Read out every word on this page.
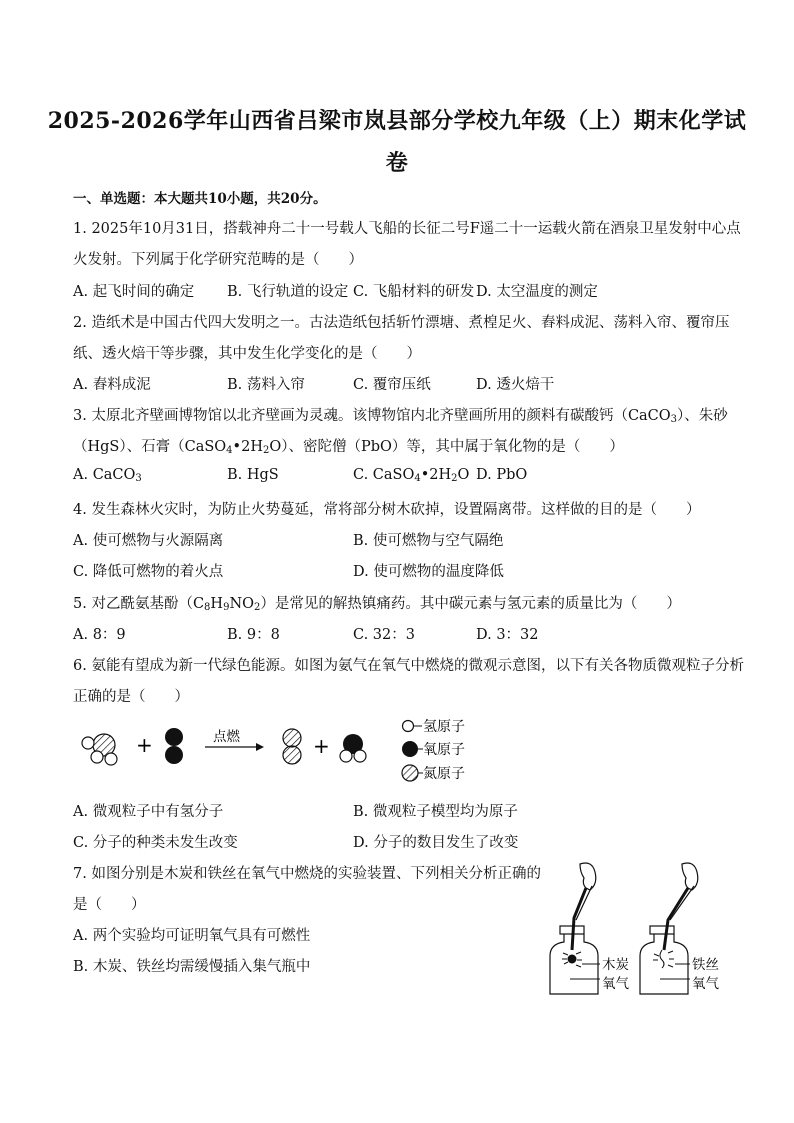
2025-2026学年山西省吕梁市岚县部分学校九年级（上）期末化学试
卷
一、单选题：本大题共10小题，共20分。
1. 2025年10月31日，搭载神舟二十一号载人飞船的长征二号F遥二十一运载火箭在酒泉卫星发射中心点
火发射。下列属于化学研究范畴的是（　　）
A. 起飞时间的确定 B. 飞行轨道的设定 C. 飞船材料的研发 D. 太空温度的测定
2. 造纸术是中国古代四大发明之一。古法造纸包括斩竹漂塘、煮楻足火、舂料成泥、荡料入帘、覆帘压
纸、透火焙干等步骤，其中发生化学变化的是（　　）
A. 舂料成泥	B. 荡料入帘	C. 覆帘压纸	D. 透火焙干
3. 太原北齐壁画博物馆以北齐壁画为灵魂。该博物馆内北齐壁画所用的颜料有碳酸钙（CaCO$_3$）、朱砂
（HgS）、石膏$(CaSO_4•2H_2O)$、密陀僧（PbO）等，其中属于氧化物的是（　　）
A. CaCO$_3$	B. HgS	C. $CaSO_4•2H_2O$ D. PbO
4. 发生森林火灾时，为防止火势蔓延，常将部分树木砍掉，设置隔离带。这样做的目的是（　　）
A. 使可燃物与火源隔离	B. 使可燃物与空气隔绝
C. 降低可燃物的着火点	D. 使可燃物的温度降低
5. 对乙酰氨基酚$(C_8H_9NO_2)$是常见的解热镇痛药。其中碳元素与氢元素的质量比为（　　）
A. 8：9	B. 9：8	C. 32：3	D. 3：32
6. 氨能有望成为新一代绿色能源。如图为氨气在氧气中燃烧的微观示意图，以下有关各物质微观粒子分析
正确的是（　　）
+	点燃	+
氢原子
氧原子
氮原子
A. 微观粒子中有氢分子	B. 微观粒子模型均为原子
C. 分子的种类未发生改变	D. 分子的数目发生了改变
7. 如图分别是木炭和铁丝在氧气中燃烧的实验装置、下列相关分析正确的
是（　　）
A. 两个实验均可证明氧气具有可燃性
B. 木炭、铁丝均需缓慢插入集气瓶中	木炭
氧气
铁丝
氧气
